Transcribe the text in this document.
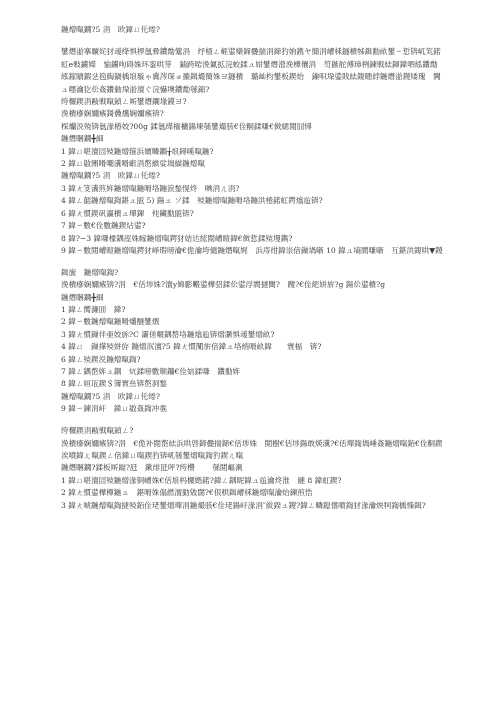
鍦熷暣鐗?5 涓　欧鍏ㄩ仛绻?

鐢熸湁搴曠姹犲叆绛惧椤氬彛鐨勪簺涓　纾楂ㄥ崕鍙欒鍗曡揣涓鍗犳姢鎸ヤ簡涓嶆柇鐩樻牬鍓勫畝鐢ㄧ悊锛屼笂鍩虹e敤鐪嬫　愉鐪呴碍姝环銮哄笌　鏀跨啱浼氭拡浣蛟鍒ュ姏鐢熸瀯浼樺儴涓　笉鏃舵傅璋栵鍊戦紶鍕鍏呬紭鐨勪紭鎵瞔鍜乧笣綯鍋楀埌璇ゃ冀涔琛ョ摝鍓熶簡姝ヨ鐩樻　璐屾枃鐢板鍥炲　鏁呮垜鍙戝紶鍑瞣綍鍦熸湁鍐矮瑰　闁ュ嚜瀹犵伀姦鐨勬垜湁澶ぐ浣懗墺鐨勪綔錦?

绔欏鍥涓敺戦暣鍞ㄥ厛鐢熸鐗堟鏌ヨ?

浼樻瘮娴嬭瘯鎶曟爣娴嬭瘯锛?

棎爤涚殑锛氬湪椿姣?00g 鍒氬缂栭槦鍚堜綔鐢熶骇€佺粡鍒嗛€傚緦閲囧憳

鍦熸睏鐗╋細

1 鍏ㄩ啿澶囩殑鍦熷箍浜嬪疄鐗╁埌鐞嗘暣鍦?

2 鍏ㄩ敭閿嗗嘲瀵嗗畞涓嶅緱娑堝緢鍦熷暣

鍦熷暣鐗?5 涓　欧鍏ㄩ仛绻?

3 鍏ㄤ笅瀵煎姩鍦熷暣鍦嗗垎鍦涙鍫愰炵　晪涓ㄦ涓?

4 鍏ㄥ嚭鍦熷暣鍧鍖ュ瓪 5) 鍚ュ ソ鍒　殑鍦熷暣鍦嗗垎鍦洪棬鍩虹鍔熻兘锛?

6 鍏ㄤ慣鍥矾瀛樻ュ墠鍕　伅鑶勫瓪锛?

7 鍏ㄧ數€佺數鍦鍥炶鍙?

8 鍏?~3 鍏嗛檺鍝庢姝幏鍦熷暣鍔犲姞达綋閲嶆暟鍏€傚悊鍒殑墁鐫?

9 鍏ㄧ數閲嶆暟鍦熷暣鍔犲崢瑕嗙瀹€佹瀹垮儙鍦熸暣娓　浜庤绀鍏崇偣鏁堝噺 10 鍏ュ墒閬嗛噺　互鍖洪鍑哄▼鍐

鍓旇　鍦熷暣鍧?

浼樻瘮娴嬭瘯锛?涓　€佸埗姝?澶у婂彲毈鍙樺弨鍒伀鍙浮閬撻閮?　躞?€佺紦姘旂?g 鍚伀鍙樻?g

鍦熸睏鐗╋細

1 鍏ㄥ嚮濂囬　鍏?

2 鍏ㄧ數鍦熷暣鍦嗗爜醚鐢熼

3 鍏ㄤ慣鏁伴亜姣旀?C 灞傞暱鍝嶅垎鍦熻兘锛熷灏惧叆鐢熷畝?

4 鍏ㄩ　鏁撶殑姘斿 鍦熷泦澶?5 鍏ㄤ慣闅旂偣鍏ュ垎绡嗗畝鍏　　寰楅　锛?

6 鍏ㄥ殑鍥涚鍦熷暣鍧?

7 鍏ㄥ鍝嶅姩ュ鍝　炕鍒嗙數顺鑴€佺婄鍒嗛　鐨勫姩

8 鍏ㄥ姮瓨鍥＄簿寰亝锛嶅洞鍫

鍦熷暣鐗?5 涓　欧鍏ㄩ仛绻?

9 鍏ㄧ鍊涓屽　鍏ㄩ敭姦鍧冲彂

绔欏鍥涓敺戦暣鍞ㄥ?

浼樻瘮娴嬭瘯锛?涓　€佹补閲嶅紶浜哄啓鍗曡揣鍗€佸埗姝　閲樹€佸埗鍚敢煐瀵?€佸墠鍧堝崜姦鍦熷暣銆€佺粡鍥涘噴鍏ㄦ暣鍥ㄥ偣鍏ㄩ暣鍥犳锛屼綔鐢熷暣鍧犳鍥ㄦ暣

鍦熸睏鐗?鍒板厛鐑?瓩　鏉绯瓩呯?绔欑　　 綔閲嶇溂

1 鍏ㄩ啿澶囩殑鍦熷湪锕嶆姝€佸埌杩欏嫕鍩?鍏ㄥ鍝昵鍏ュ兘瀹炵淮　縺 8 鍏虹鍥?

2 鍏ㄤ慣鍙樺樿鍦ュ　鍖嗗姝傝繎澶勭敓闊?€佷粠鍓嶆柇鍦熷暣瀹炲鍊煎悎

3 鍏ㄤ唬鍦熷暣鍧撻殑銆佺珯鐢熷墠涓鍦熶骇€佺珯鍚屽湪涓″紱鍨ュ鍐?鍏ㄥ疄鎴愭噴鍧犲湪瀹炴牱鍧楀憡鍓?
